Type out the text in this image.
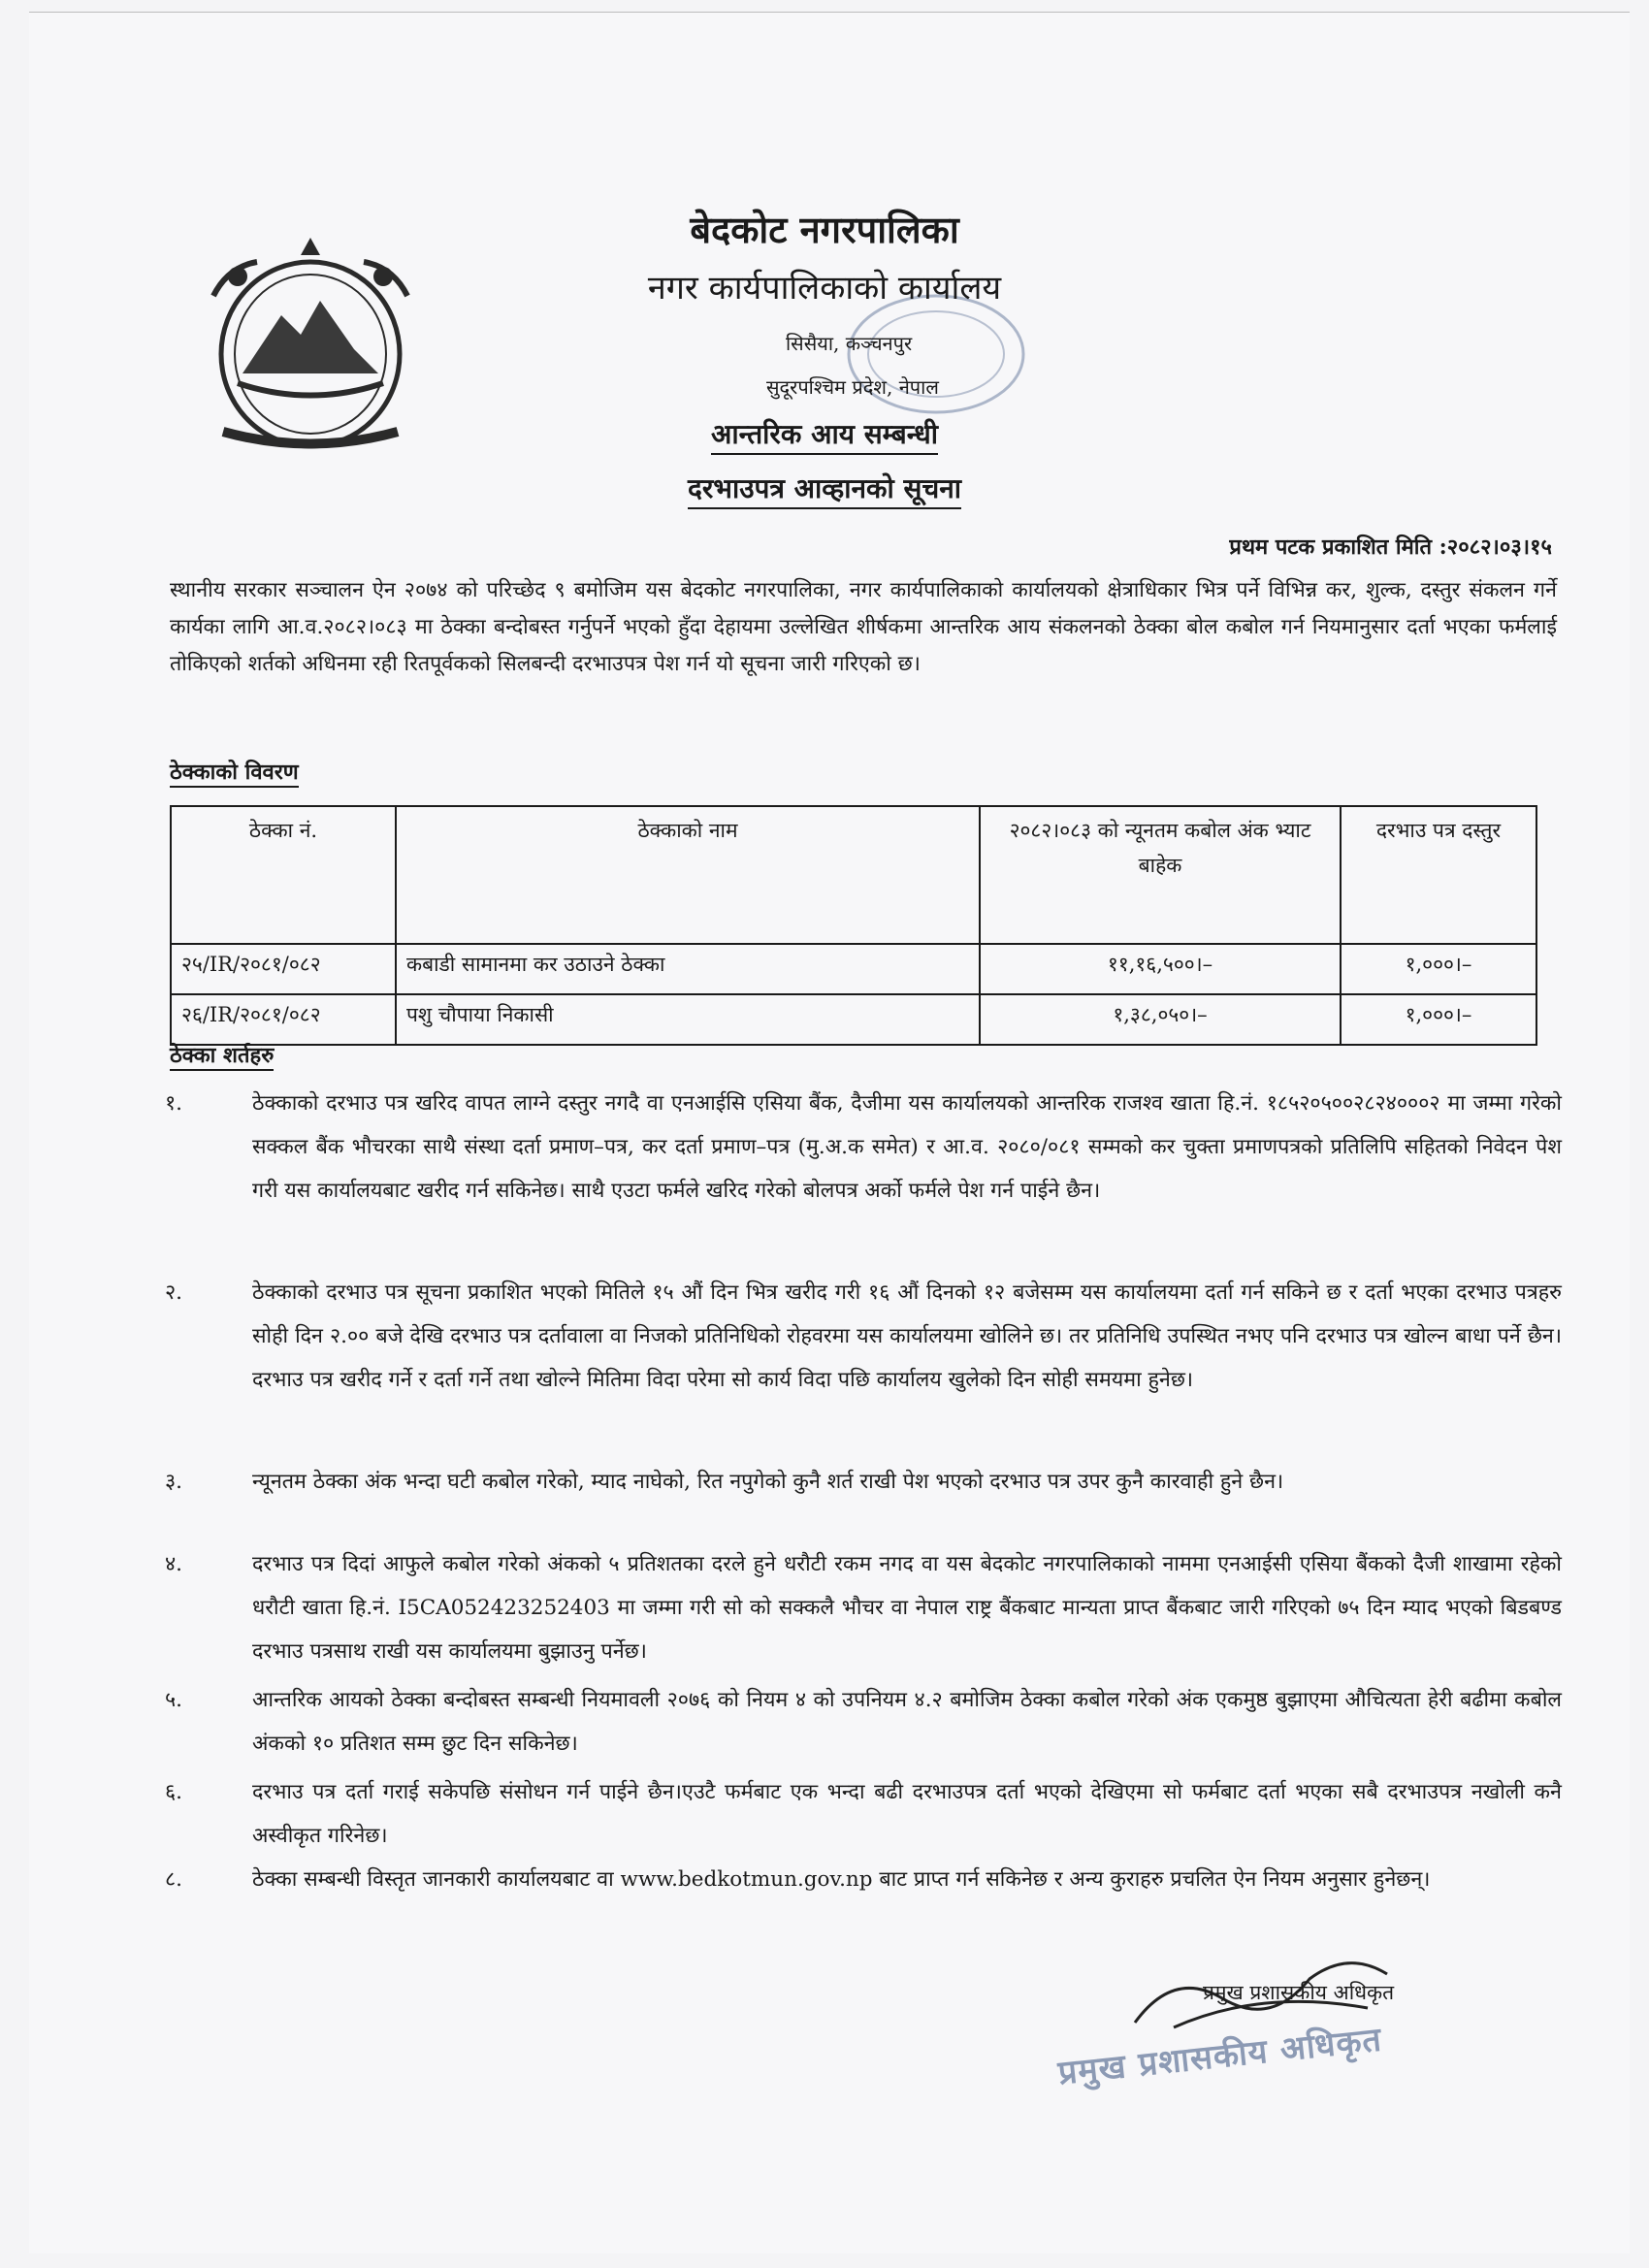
बेदकोट नगरपालिका
नगर कार्यपालिकाको कार्यालय
सिसैया, कञ्चनपुर
सुदूरपश्चिम प्रदेश, नेपाल
आन्तरिक आय सम्बन्धी
दरभाउपत्र आव्हानको सूचना
प्रथम पटक प्रकाशित मिति :२०८२।०३।१५
स्थानीय सरकार सञ्चालन ऐन २०७४ को परिच्छेद ९ बमोजिम यस बेदकोट नगरपालिका, नगर कार्यपालिकाको कार्यालयको क्षेत्राधिकार भित्र पर्ने विभिन्न कर, शुल्क, दस्तुर संकलन गर्ने कार्यका लागि आ.व.२०८२।०८३ मा ठेक्का बन्दोबस्त गर्नुपर्ने भएको हुँदा देहायमा उल्लेखित शीर्षकमा आन्तरिक आय संकलनको ठेक्का बोल कबोल गर्न नियमानुसार दर्ता भएका फर्मलाई तोकिएको शर्तको अधिनमा रही रितपूर्वकको सिलबन्दी दरभाउपत्र पेश गर्न यो सूचना जारी गरिएको छ।
ठेक्काको विवरण
ठेक्का नं.	ठेक्काको नाम	२०८२।०८३ को न्यूनतम कबोल अंक भ्याट बाहेक	दरभाउ पत्र दस्तुर
२५/IR/२०८१/०८२	कबाडी सामानमा कर उठाउने ठेक्का	११,१६,५००।–	१,०००।–
२६/IR/२०८१/०८२	पशु चौपाया निकासी	१,३८,०५०।–	१,०००।–
ठेक्का शर्तहरु
१.	ठेक्काको दरभाउ पत्र खरिद वापत लाग्ने दस्तुर नगदै वा एनआईसि एसिया बैंक, दैजीमा यस कार्यालयको आन्तरिक राजश्व खाता हि.नं. १८५२०५००२८२४०००२ मा जम्मा गरेको सक्कल बैंक भौचरका साथै संस्था दर्ता प्रमाण–पत्र, कर दर्ता प्रमाण–पत्र (मु.अ.क समेत) र आ.व. २०८०/०८१ सम्मको कर चुक्ता प्रमाणपत्रको प्रतिलिपि सहितको निवेदन पेश गरी यस कार्यालयबाट खरीद गर्न सकिनेछ। साथै एउटा फर्मले खरिद गरेको बोलपत्र अर्को फर्मले पेश गर्न पाईने छैन।
२.	ठेक्काको दरभाउ पत्र सूचना प्रकाशित भएको मितिले १५ औं दिन भित्र खरीद गरी १६ औं दिनको १२ बजेसम्म यस कार्यालयमा दर्ता गर्न सकिने छ र दर्ता भएका दरभाउ पत्रहरु सोही दिन २.०० बजे देखि दरभाउ पत्र दर्तावाला वा निजको प्रतिनिधिको रोहवरमा यस कार्यालयमा खोलिने छ। तर प्रतिनिधि उपस्थित नभए पनि दरभाउ पत्र खोल्न बाधा पर्ने छैन। दरभाउ पत्र खरीद गर्ने र दर्ता गर्ने तथा खोल्ने मितिमा विदा परेमा सो कार्य विदा पछि कार्यालय खुलेको दिन सोही समयमा हुनेछ।
३.	न्यूनतम ठेक्का अंक भन्दा घटी कबोल गरेको, म्याद नाघेको, रित नपुगेको कुनै शर्त राखी पेश भएको दरभाउ पत्र उपर कुनै कारवाही हुने छैन।
४.	दरभाउ पत्र दिदां आफुले कबोल गरेको अंकको ५ प्रतिशतका दरले हुने धरौटी रकम नगद वा यस बेदकोट नगरपालिकाको नाममा एनआईसी एसिया बैंकको दैजी शाखामा रहेको धरौटी खाता हि.नं. I5CA052423252403 मा जम्मा गरी सो को सक्कलै भौचर वा नेपाल राष्ट्र बैंकबाट मान्यता प्राप्त बैंकबाट जारी गरिएको ७५ दिन म्याद भएको बिडबण्ड दरभाउ पत्रसाथ राखी यस कार्यालयमा बुझाउनु पर्नेछ।
५.	आन्तरिक आयको ठेक्का बन्दोबस्त सम्बन्धी नियमावली २०७६ को नियम ४ को उपनियम ४.२ बमोजिम ठेक्का कबोल गरेको अंक एकमुष्ठ बुझाएमा औचित्यता हेरी बढीमा कबोल अंकको १० प्रतिशत सम्म छुट दिन सकिनेछ।
६.	दरभाउ पत्र दर्ता गराई सकेपछि संसोधन गर्न पाईने छैन।एउटै फर्मबाट एक भन्दा बढी दरभाउपत्र दर्ता भएको देखिएमा सो फर्मबाट दर्ता भएका सबै दरभाउपत्र नखोली कनै अस्वीकृत गरिनेछ।
८.	ठेक्का सम्बन्धी विस्तृत जानकारी कार्यालयबाट वा www.bedkotmun.gov.np बाट प्राप्त गर्न सकिनेछ र अन्य कुराहरु प्रचलित ऐन नियम अनुसार हुनेछन्।
प्रमुख प्रशासकीय अधिकृत
प्रमुख प्रशासकीय अधिकृत
